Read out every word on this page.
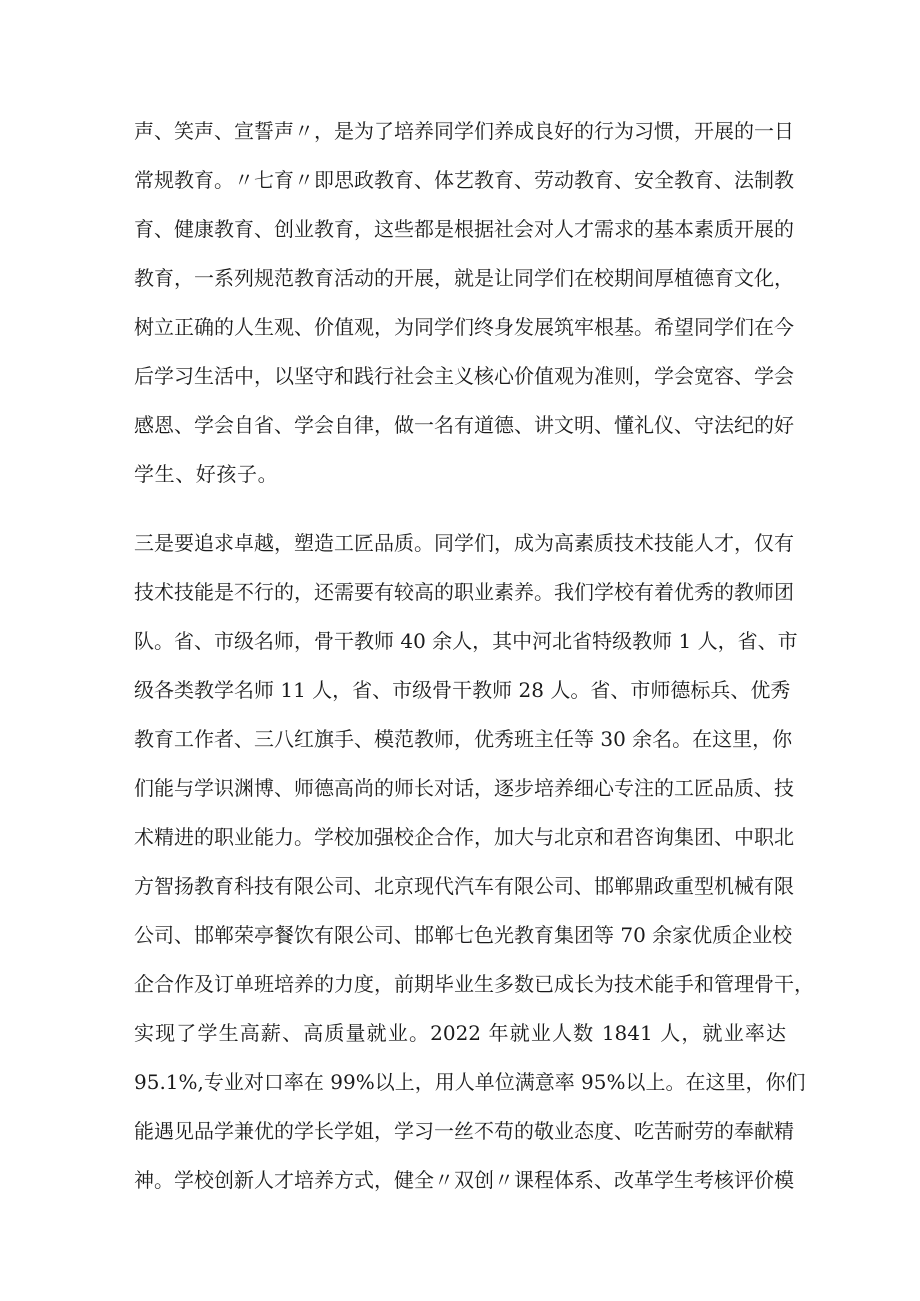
声、笑声、宣誓声〃，是为了培养同学们养成良好的行为习惯，开展的一日

常规教育。〃七育〃即思政教育、体艺教育、劳动教育、安全教育、法制教

育、健康教育、创业教育，这些都是根据社会对人才需求的基本素质开展的

教育，一系列规范教育活动的开展，就是让同学们在校期间厚植德育文化，

树立正确的人生观、价值观，为同学们终身发展筑牢根基。希望同学们在今

后学习生活中，以坚守和践行社会主义核心价值观为准则，学会宽容、学会

感恩、学会自省、学会自律，做一名有道德、讲文明、懂礼仪、守法纪的好

学生、好孩子。

三是要追求卓越，塑造工匠品质。同学们，成为高素质技术技能人才，仅有

技术技能是不行的，还需要有较高的职业素养。我们学校有着优秀的教师团

队。省、市级名师，骨干教师 40 余人，其中河北省特级教师 1 人，省、市

级各类教学名师 11 人，省、市级骨干教师 28 人。省、市师德标兵、优秀

教育工作者、三八红旗手、模范教师，优秀班主任等 30 余名。在这里，你

们能与学识渊博、师德高尚的师长对话，逐步培养细心专注的工匠品质、技

术精进的职业能力。学校加强校企合作，加大与北京和君咨询集团、中职北

方智扬教育科技有限公司、北京现代汽车有限公司、邯郸鼎政重型机械有限

公司、邯郸荣亭餐饮有限公司、邯郸七色光教育集团等 70 余家优质企业校

企合作及订单班培养的力度，前期毕业生多数已成长为技术能手和管理骨干，

实现了学生高薪、高质量就业。2022 年就业人数 1841 人，就业率达

95.1%,专业对口率在 99%以上，用人单位满意率 95%以上。在这里，你们

能遇见品学兼优的学长学姐，学习一丝不苟的敬业态度、吃苦耐劳的奉献精

神。学校创新人才培养方式，健全〃双创〃课程体系、改革学生考核评价模
